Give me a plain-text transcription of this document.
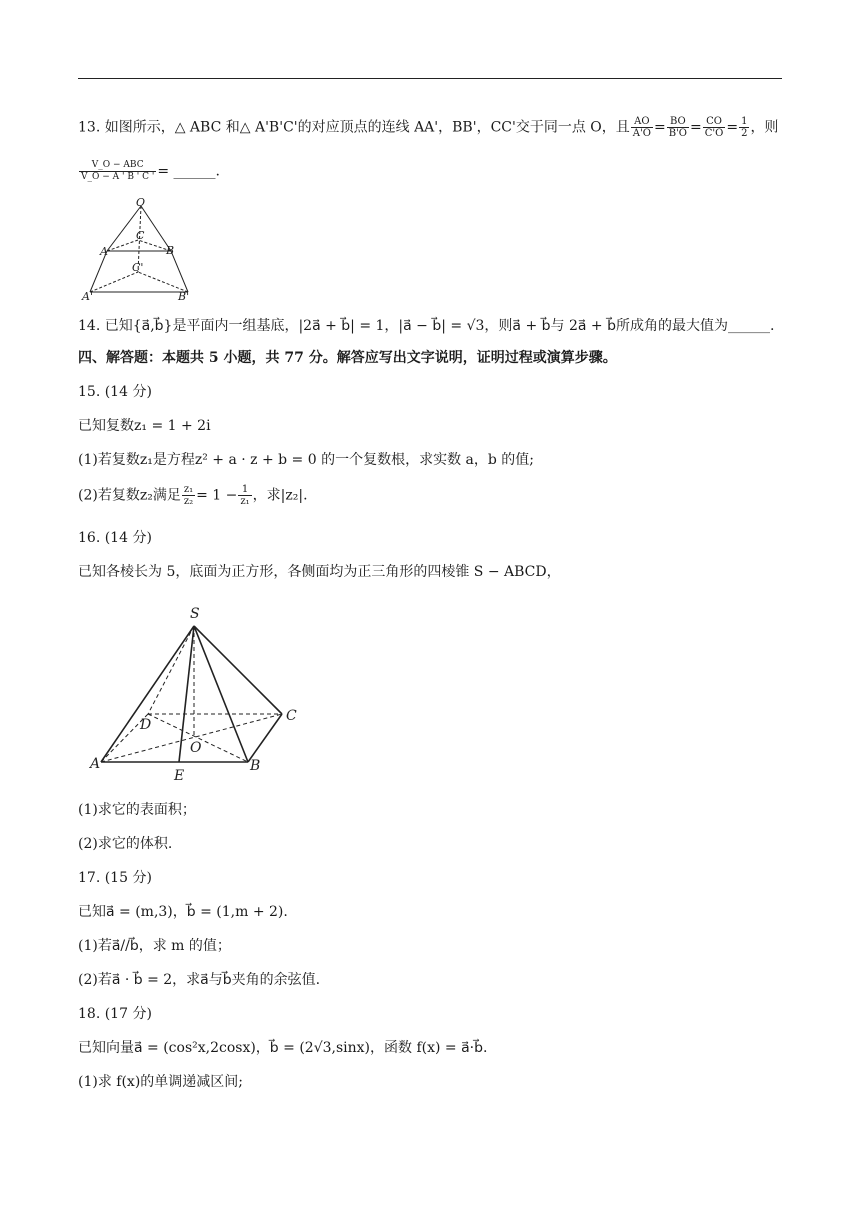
13. 如图所示，△ ABC 和△ A'B'C'的对应顶点的连线 AA'，BB'，CC'交于同一点 O，且 $\frac{AO}{A'O} = \frac{BO}{B'O} = \frac{CO}{C'O} = \frac{1}{2}$ ，则
$\frac{\text{V\_O − ABC}}{V\_O - A ' B ' C '}$ = ______.
O
A	B
C
C'
A'	B'
14. 已知{a⃗,b⃗}是平面内一组基底，|2a⃗ + b⃗| = 1，|a⃗ − b⃗| = √3，则a⃗ + b⃗与 2a⃗ + b⃗所成角的最大值为______.
四、解答题：本题共 5 小题，共 77 分。解答应写出文字说明，证明过程或演算步骤。
15. (14 分)
已知复数z₁ = 1 + 2i
(1)若复数z₁是方程z² + a · z + b = 0 的一个复数根，求实数 a，b 的值;
(2)若复数z₂满足 $\frac{\text{z₁}}{\text{z₂}} = 1 - \frac{1}{\text{z₁}}$ ，求|z₂|.
16. (14 分)
已知各棱长为 5，底面为正方形，各侧面均为正三角形的四棱锥 S − ABCD，
S
D
C
O
A
E
B
(1)求它的表面积；
(2)求它的体积.
17. (15 分)
已知a⃗ = (m,3)，b⃗ = (1,m + 2).
(1)若a⃗//b⃗，求 m 的值；
(2)若a⃗ · b⃗ = 2，求a⃗与b⃗夹角的余弦值.
18. (17 分)
已知向量a⃗ = (cos²x,2cosx)，b⃗ = (2√3,sinx)，函数 f(x) = a⃗·b⃗.
(1)求 f(x)的单调递减区间;
